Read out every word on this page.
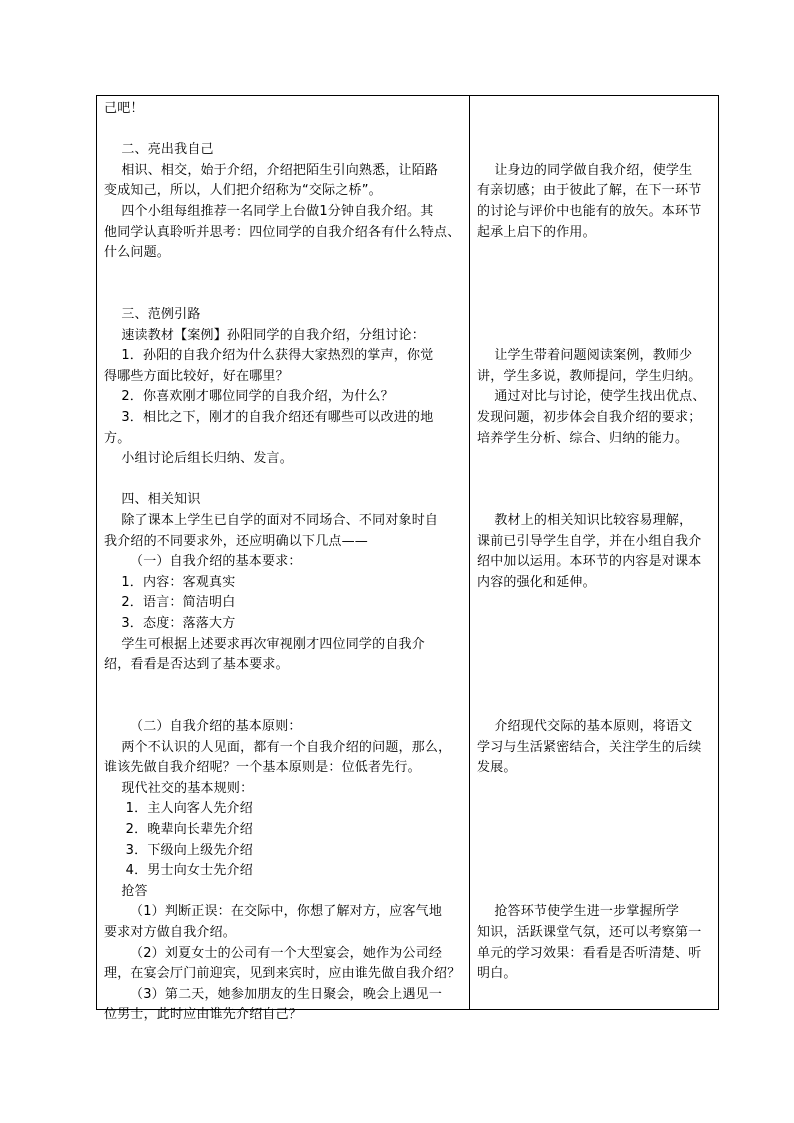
己吧！
二、亮出我自己
相识、相交，始于介绍，介绍把陌生引向熟悉，让陌路
变成知己，所以，人们把介绍称为“交际之桥”。
四个小组每组推荐一名同学上台做1分钟自我介绍。其
他同学认真聆听并思考：四位同学的自我介绍各有什么特点、
什么问题。
三、范例引路
速读教材【案例】孙阳同学的自我介绍，分组讨论：
1．孙阳的自我介绍为什么获得大家热烈的掌声，你觉
得哪些方面比较好，好在哪里？
2．你喜欢刚才哪位同学的自我介绍，为什么？
3．相比之下，刚才的自我介绍还有哪些可以改进的地
方。
小组讨论后组长归纳、发言。
四、相关知识
除了课本上学生已自学的面对不同场合、不同对象时自
我介绍的不同要求外，还应明确以下几点——
（一）自我介绍的基本要求：
1．内容：客观真实
2．语言：简洁明白
3．态度：落落大方
学生可根据上述要求再次审视刚才四位同学的自我介
绍，看看是否达到了基本要求。
（二）自我介绍的基本原则：
两个不认识的人见面，都有一个自我介绍的问题，那么，
谁该先做自我介绍呢？一个基本原则是：位低者先行。
现代社交的基本规则：
1．主人向客人先介绍
2．晚辈向长辈先介绍
3．下级向上级先介绍
4．男士向女士先介绍
抢答
（1）判断正误：在交际中，你想了解对方，应客气地
要求对方做自我介绍。
（2）刘夏女士的公司有一个大型宴会，她作为公司经
理，在宴会厅门前迎宾，见到来宾时，应由谁先做自我介绍？
（3）第二天，她参加朋友的生日聚会，晚会上遇见一
位男士，此时应由谁先介绍自己？
让身边的同学做自我介绍，使学生
有亲切感；由于彼此了解，在下一环节
的讨论与评价中也能有的放矢。本环节
起承上启下的作用。
让学生带着问题阅读案例，教师少
讲，学生多说，教师提问，学生归纳。
通过对比与讨论，使学生找出优点、
发现问题，初步体会自我介绍的要求；
培养学生分析、综合、归纳的能力。
教材上的相关知识比较容易理解，
课前已引导学生自学，并在小组自我介
绍中加以运用。本环节的内容是对课本
内容的强化和延伸。
介绍现代交际的基本原则，将语文
学习与生活紧密结合，关注学生的后续
发展。
抢答环节使学生进一步掌握所学
知识，活跃课堂气氛，还可以考察第一
单元的学习效果：看看是否听清楚、听
明白。
